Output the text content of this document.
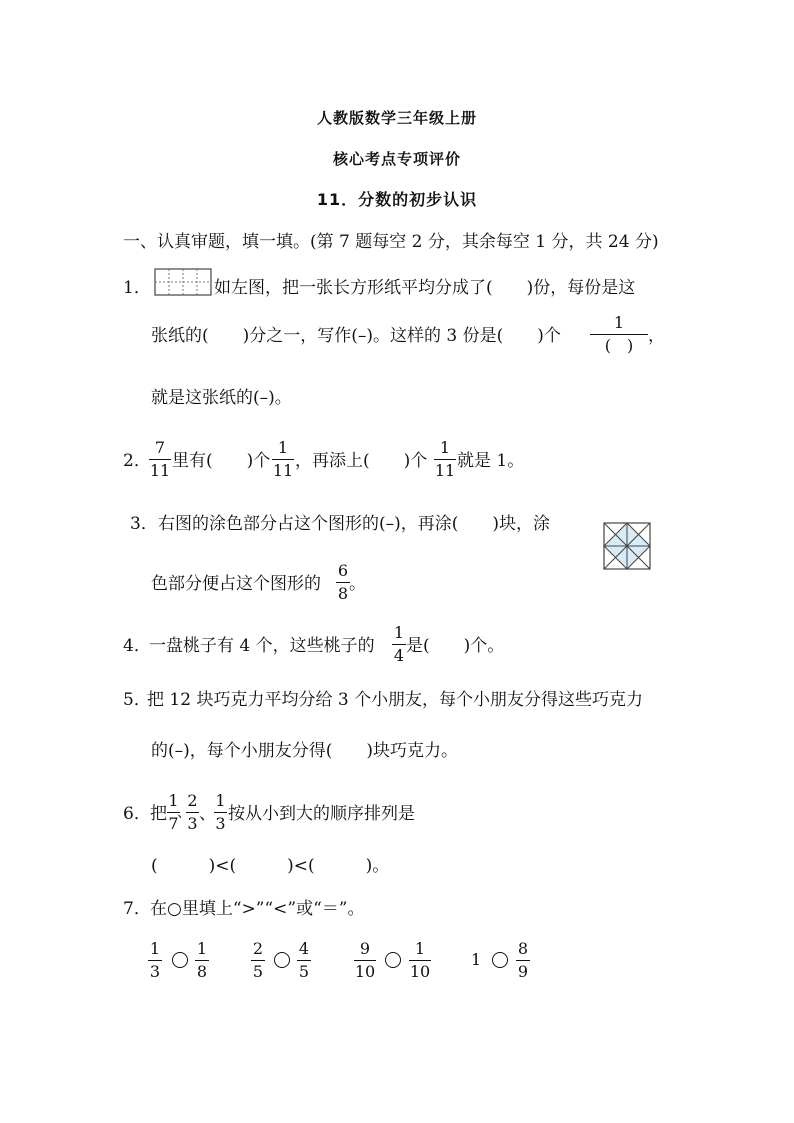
人教版数学三年级上册
核心考点专项评价
11．分数的初步认识
一、认真审题，填一填。(第 7 题每空 2 分，其余每空 1 分，共 24 分)
1．	如左图，把一张长方形纸平均分成了(　　)份，每份是这
张纸的(　　)分之一，写作(–)。这样的 3 份是(　　)个
1
(　) ，
就是这张纸的(–)。
2．
7
11 里有(　　)个
1
11 ，再添上(　　)个
1
11 就是 1。
3． 右图的涂色部分占这个图形的(–)，再涂(　　)块，涂
色部分便占这个图形的
6
8 。
4．
一盘桃子有 4 个，这些桃子的
1
4 是(　　)个。
5．
把 12 块巧克力平均分给 3 个小朋友，每个小朋友分得这些巧克力
的(–)，每个小朋友分得(　　)块巧克力。
6． 把
1
7
、
2
3 、
1
3 按从小到大的顺序排列是
(　　　)<(　　　)<(　　　)。
7． 在○里填上“>”“<”或“＝”。
1
3
1
8
2
5
4
5
9
10
1
10
1
8
9
